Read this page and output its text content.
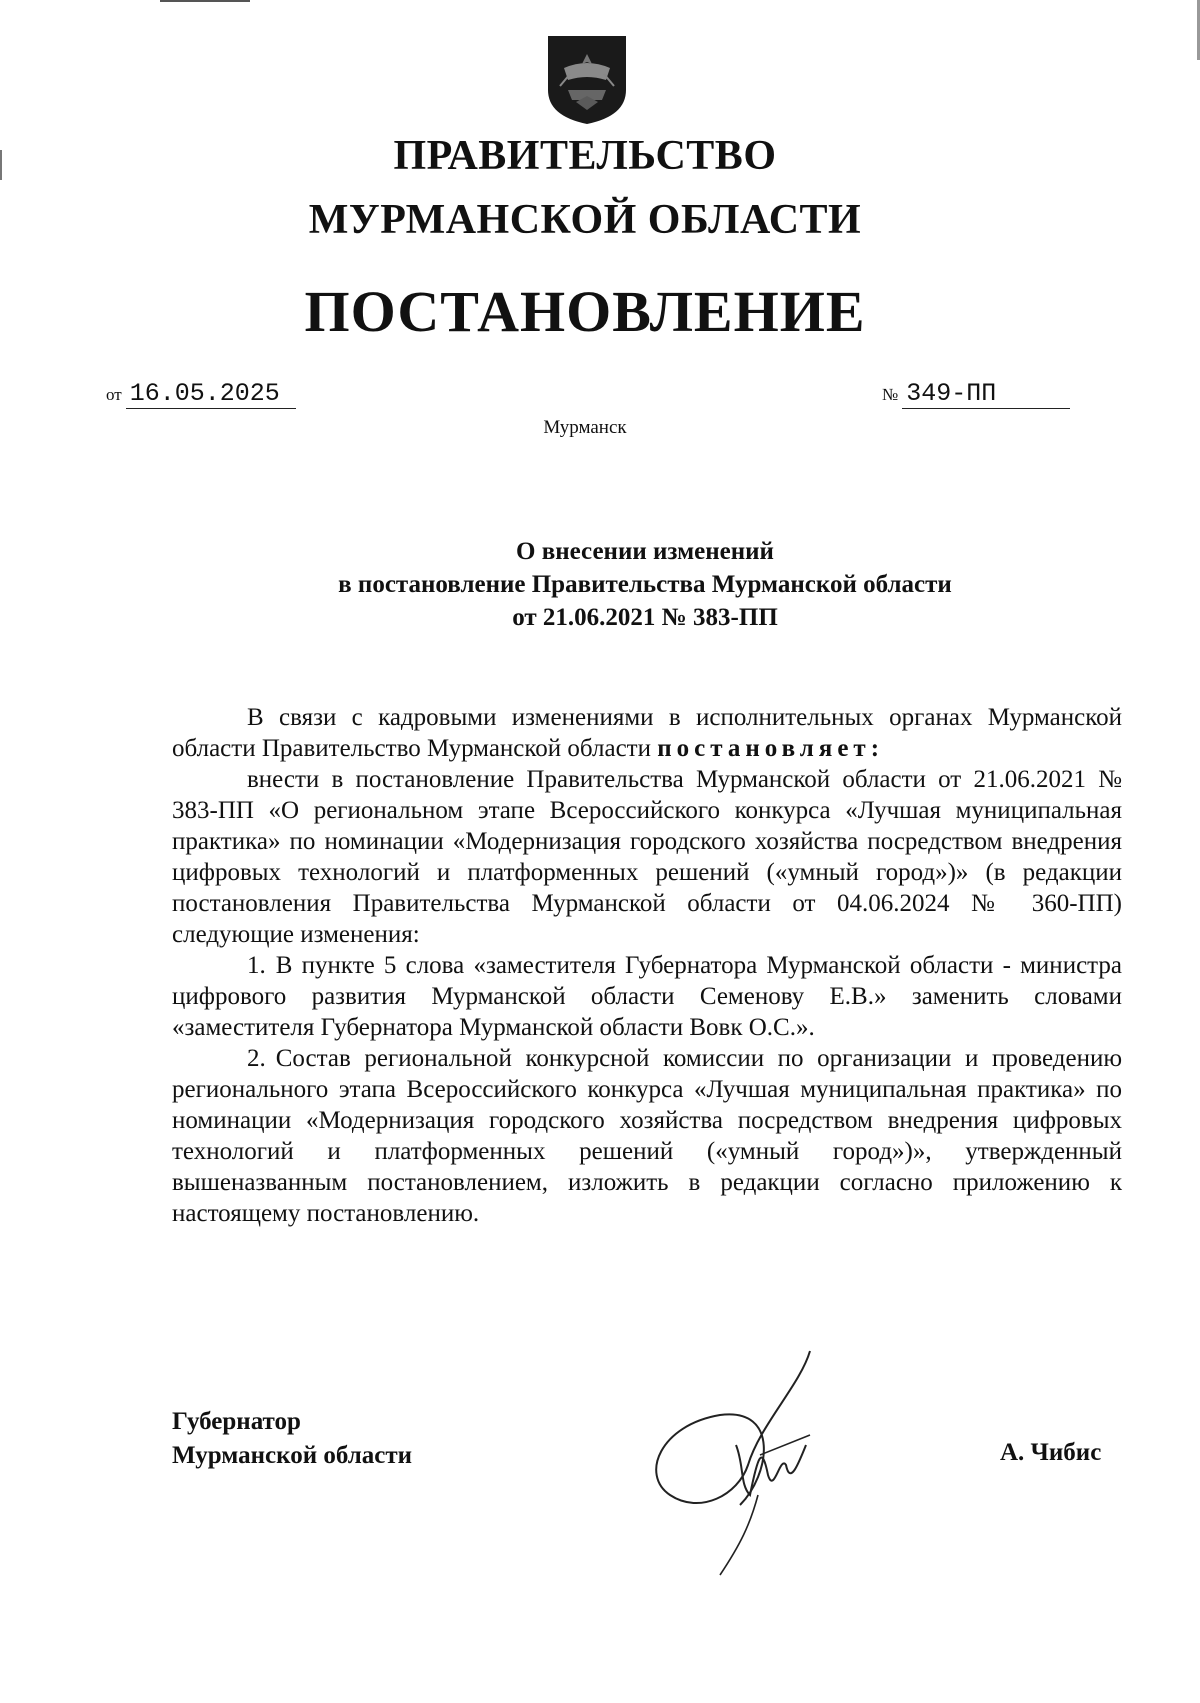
ПРАВИТЕЛЬСТВО
МУРМАНСКОЙ ОБЛАСТИ
ПОСТАНОВЛЕНИЕ
от 16.05.2025	№ 349-ПП
Мурманск
О внесении изменений
в постановление Правительства Мурманской области
от 21.06.2021 № 383-ПП

В связи с кадровыми изменениями в исполнительных органах Мурманской области Правительство Мурманской области постановляет:

внести в постановление Правительства Мурманской области от 21.06.2021 № 383-ПП «О региональном этапе Всероссийского конкурса «Лучшая муниципальная практика» по номинации «Модернизация городского хозяйства посредством внедрения цифровых технологий и платформенных решений («умный город»)» (в редакции постановления Правительства Мурманской области от 04.06.2024 № 360-ПП) следующие изменения:

1. В пункте 5 слова «заместителя Губернатора Мурманской области - министра цифрового развития Мурманской области Семенову Е.В.» заменить словами «заместителя Губернатора Мурманской области Вовк О.С.».

2. Состав региональной конкурсной комиссии по организации и проведению регионального этапа Всероссийского конкурса «Лучшая муниципальная практика» по номинации «Модернизация городского хозяйства посредством внедрения цифровых технологий и платформенных решений («умный город»)», утвержденный вышеназванным постановлением, изложить в редакции согласно приложению к настоящему постановлению.

Губернатор
Мурманской области	А. Чибис
